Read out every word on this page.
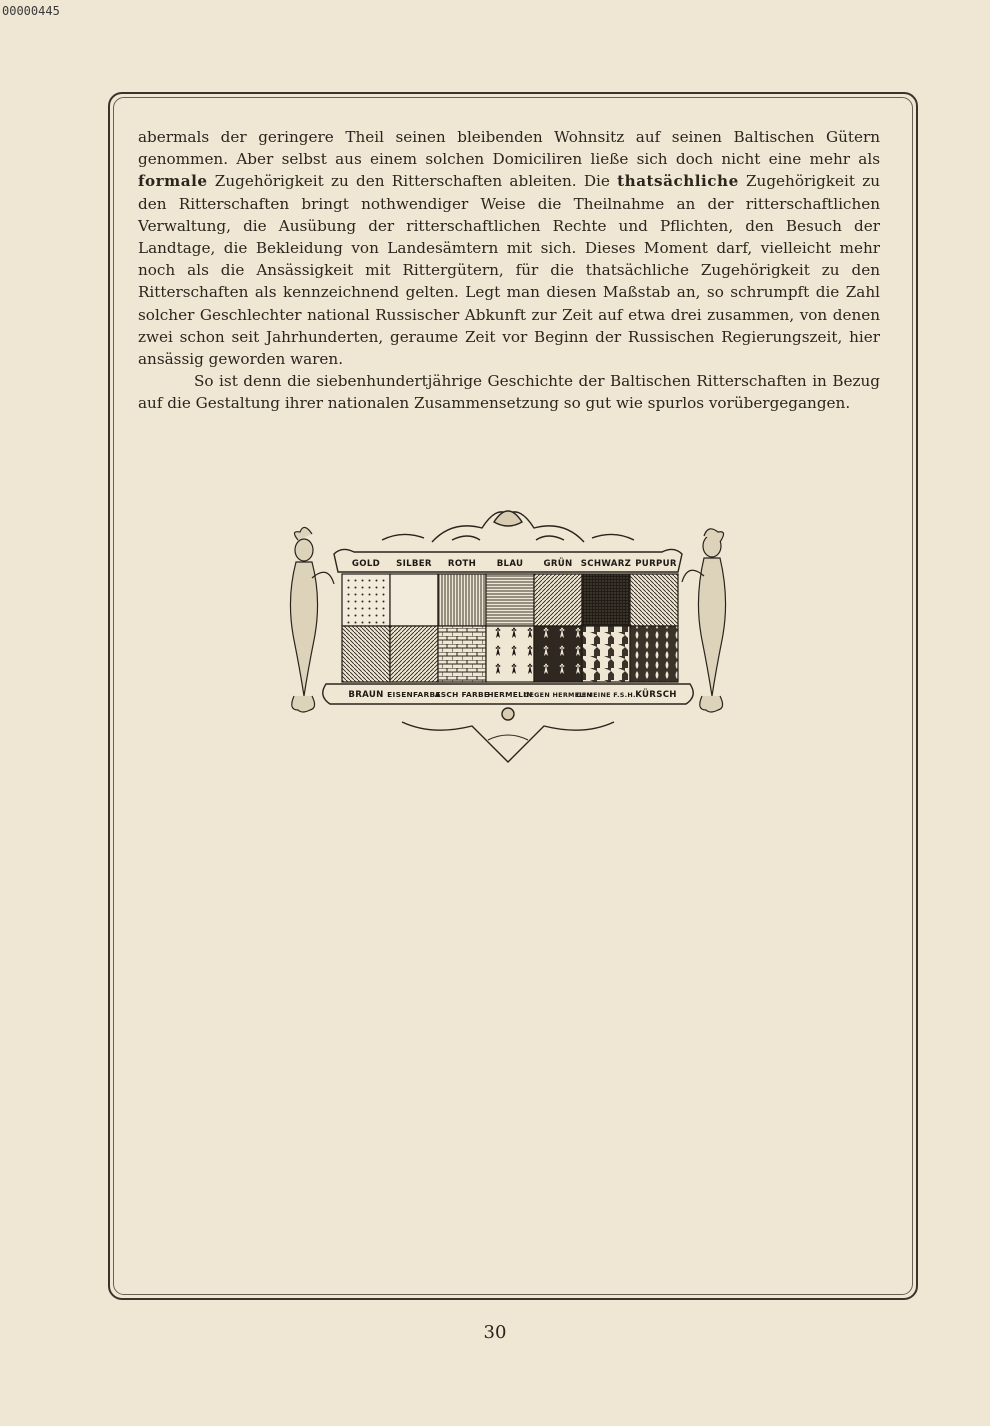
00000445

abermals der geringere Theil seinen bleibenden Wohnsitz auf seinen Baltischen Gütern genommen. Aber selbst aus einem solchen Domiciliren ließe sich doch nicht eine mehr als formale Zugehörigkeit zu den Ritterschaften ableiten. Die thatsächliche Zugehörigkeit zu den Ritterschaften bringt nothwendiger Weise die Theilnahme an der ritterschaftlichen Verwaltung, die Ausübung der ritterschaftlichen Rechte und Pflichten, den Besuch der Landtage, die Bekleidung von Landesämtern mit sich. Dieses Moment darf, vielleicht mehr noch als die Ansässigkeit mit Rittergütern, für die thatsächliche Zugehörigkeit zu den Ritterschaften als kennzeichnend gelten. Legt man diesen Maßstab an, so schrumpft die Zahl solcher Geschlechter national Russischer Abkunft zur Zeit auf etwa drei zusammen, von denen zwei schon seit Jahrhunderten, geraume Zeit vor Beginn der Russischen Regierungszeit, hier ansässig geworden waren.

So ist denn die siebenhundertjährige Geschichte der Baltischen Ritterschaften in Bezug auf die Gestaltung ihrer nationalen Zusammensetzung so gut wie spurlos vorübergegangen.

GOLD SILBER ROTH BLAU GRÜN SCHWARZ PURPUR
BRAUN EISENFARBE
ASCH FARBE
HERMELIN
GEGEN HERMELIN
GEMEINE F.S.H. KÜRSCH
30
